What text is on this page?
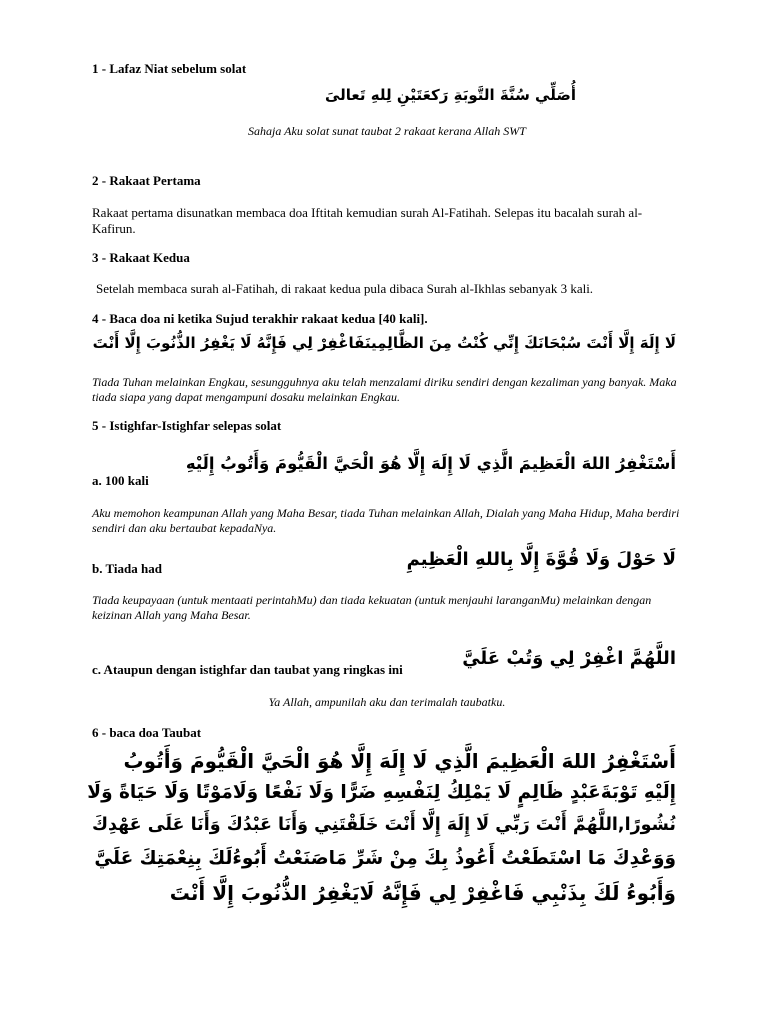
1 - Lafaz Niat sebelum solat
أُصَلِّي سُنَّةَ التَّوبَةِ رَكعَتَيْنِ لِلهِ تَعالىَ
Sahaja Aku solat sunat taubat 2 rakaat kerana Allah SWT
2 - Rakaat Pertama
Rakaat pertama disunatkan membaca doa Iftitah kemudian surah Al-Fatihah. Selepas itu bacalah surah al-Kafirun.
3 - Rakaat Kedua
Setelah membaca surah al-Fatihah, di rakaat kedua pula dibaca Surah al-Ikhlas sebanyak 3 kali.
4 - Baca doa ni ketika Sujud terakhir rakaat kedua [40 kali].
لَا إِلَهَ إِلَّا أَنْتَ سُبْحَانَكَ إِنِّي كُنْتُ مِنَ الظَّالِمِينَفَاغْفِرْ لِي فَإِنَّهُ لَا يَغْفِرُ الذُّنُوبَ إِلَّا أَنْتَ
Tiada Tuhan melainkan Engkau, sesungguhnya aku telah menzalami diriku sendiri dengan kezaliman yang banyak. Maka tiada siapa yang dapat mengampuni dosaku melainkan Engkau.
5 - Istighfar-Istighfar selepas solat
a. 100 kali
أَسْتَغْفِرُ اللهَ الْعَظِيمَ الَّذِي لَا إِلَهَ إِلَّا هُوَ الْحَيَّ الْقَيُّومَ وَأَتُوبُ إِلَيْهِ
Aku memohon keampunan Allah yang Maha Besar, tiada Tuhan melainkan Allah, Dialah yang Maha Hidup, Maha berdiri sendiri dan aku bertaubat kepadaNya.
b. Tiada had	لَا حَوْلَ وَلَا قُوَّةَ إِلَّا بِاللهِ الْعَظِيمِ
Tiada keupayaan (untuk mentaati perintahMu) dan tiada kekuatan (untuk menjauhi laranganMu) melainkan dengan keizinan Allah yang Maha Besar.
c. Ataupun dengan istighfar dan taubat yang ringkas ini
اللَّهُمَّ اغْفِرْ لِي وَتُبْ عَلَيَّ
Ya Allah, ampunilah aku dan terimalah taubatku.
6 - baca doa Taubat
أَسْتَغْفِرُ اللهَ الْعَظِيمَ الَّذِي لَا إِلَهَ إِلَّا هُوَ الْحَيَّ الْقَيُّومَ وَأَتُوبُ
إِلَيْهِ تَوْبَةَعَبْدٍ ظَالِمٍ لَا يَمْلِكُ لِنَفْسِهِ ضَرًّا وَلَا نَفْعًا وَلَامَوْتًا وَلَا حَيَاةً وَلَا
نُشُورًا,اللَّهُمَّ أَنْتَ رَبِّي لَا إِلَهَ إِلَّا أَنْتَ خَلَقْتَنِي وَأَنَا عَبْدُكَ وَأَنَا عَلَى عَهْدِكَ
وَوَعْدِكَ مَا اسْتَطَعْتُ أَعُوذُ بِكَ مِنْ شَرِّ مَاصَنَعْتُ أَبُوءُلَكَ بِنِعْمَتِكَ عَلَيَّ
وَأَبُوءُ لَكَ بِذَنْبِي فَاغْفِرْ لِي فَإِنَّهُ لَايَغْفِرُ الذُّنُوبَ إِلَّا أَنْتَ
